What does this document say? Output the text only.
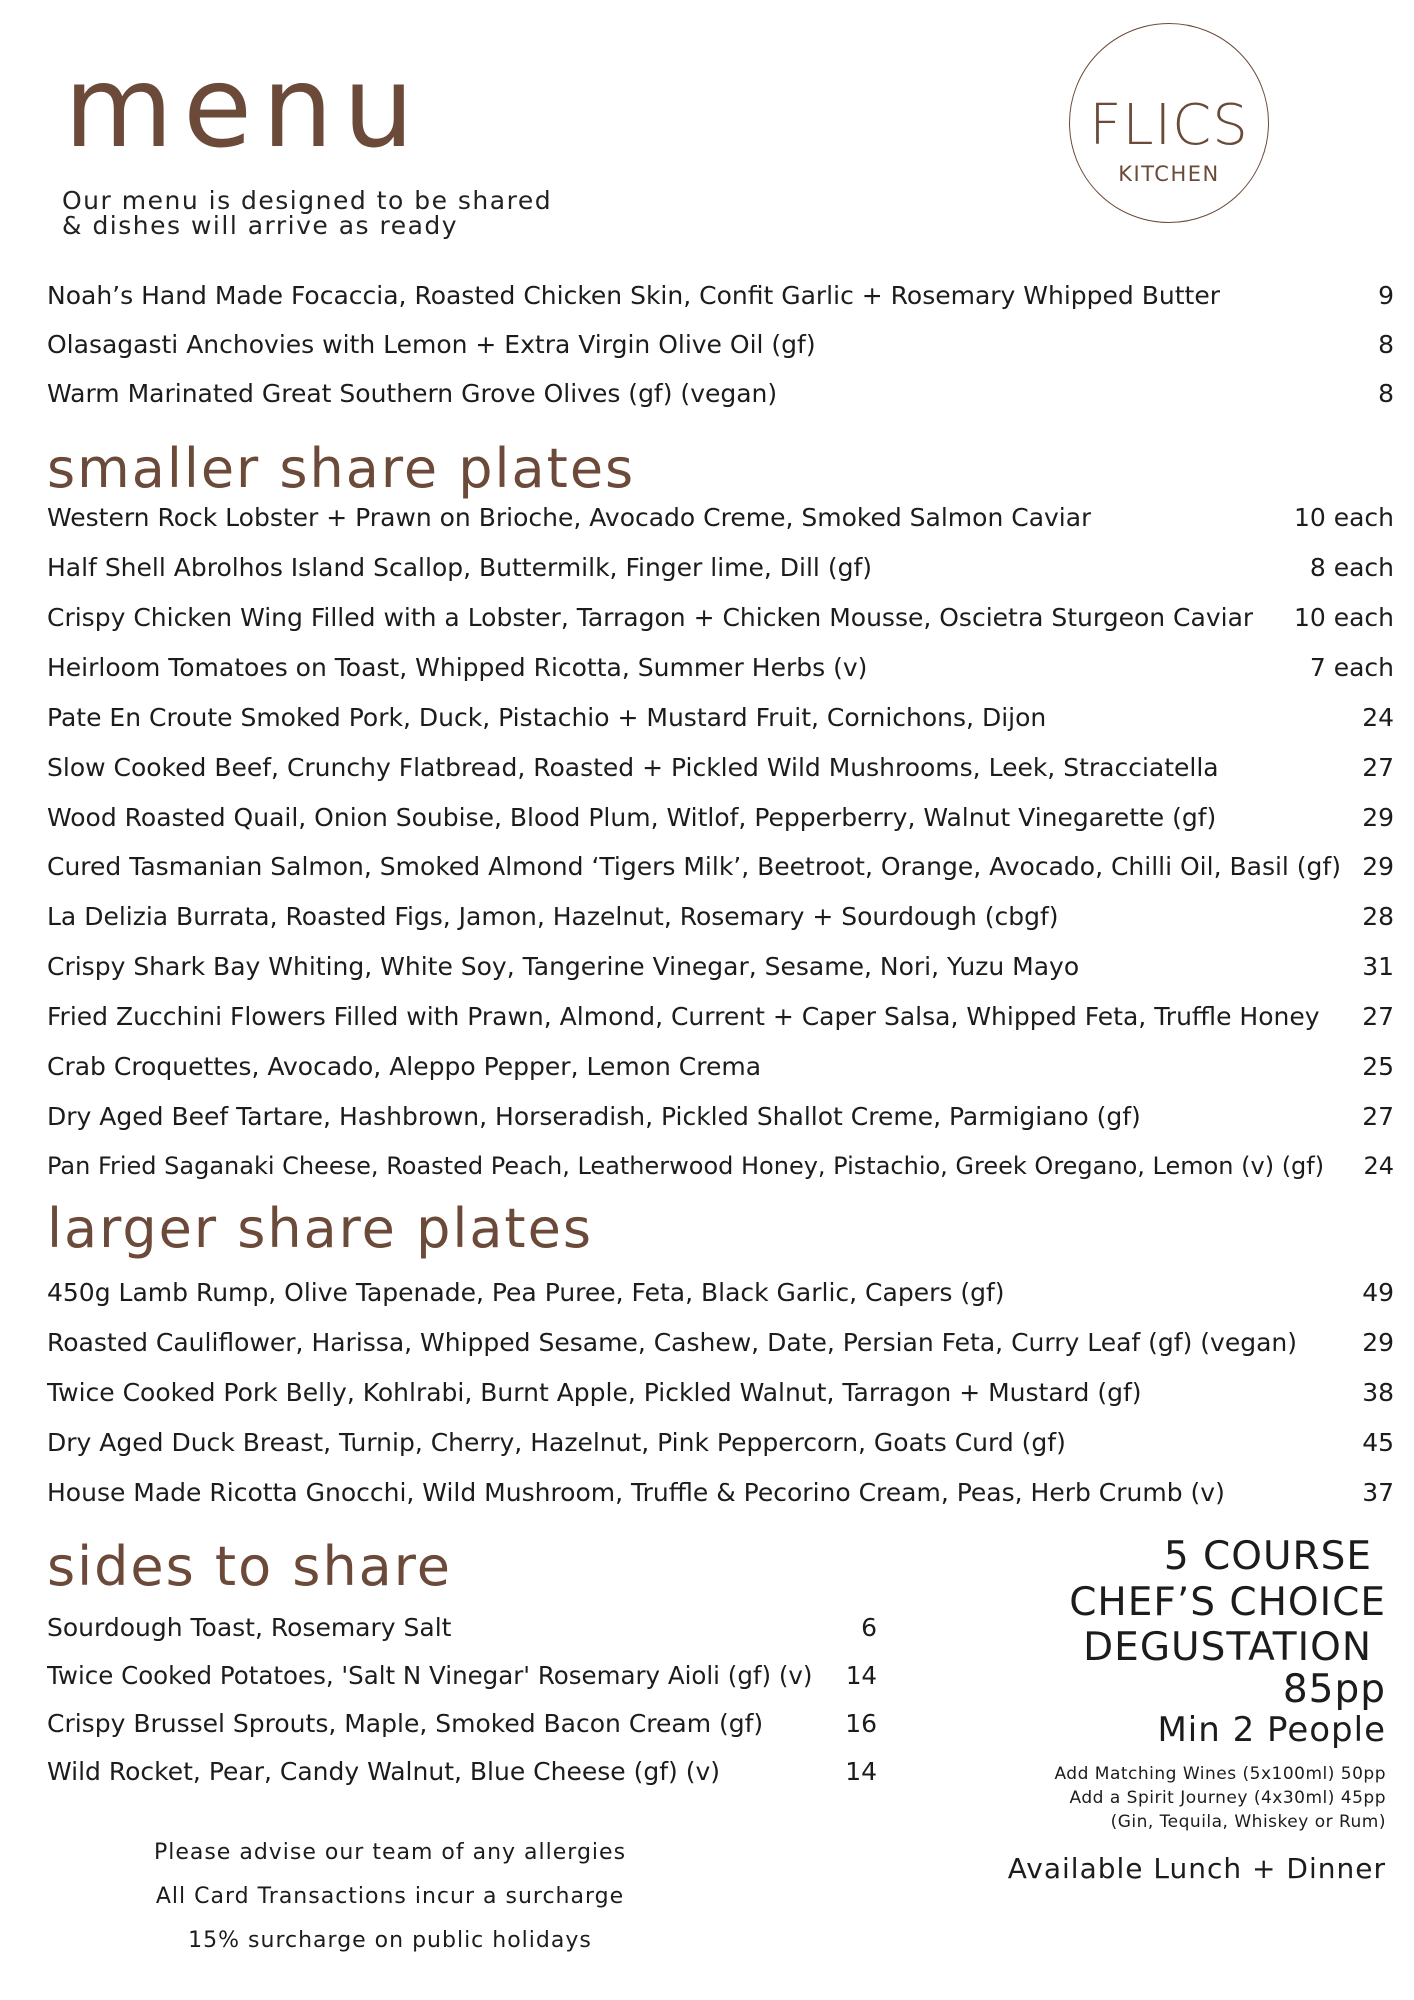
menu
Our menu is designed to be shared
& dishes will arrive as ready
FLICS
KITCHEN
Noah’s Hand Made Focaccia, Roasted Chicken Skin, Confit Garlic + Rosemary Whipped Butter	9
Olasagasti Anchovies with Lemon + Extra Virgin Olive Oil (gf)	8
Warm Marinated Great Southern Grove Olives (gf) (vegan)	8
smaller share plates
Western Rock Lobster + Prawn on Brioche, Avocado Creme, Smoked Salmon Caviar	10 each
Half Shell Abrolhos Island Scallop, Buttermilk, Finger lime, Dill (gf)	8 each
Crispy Chicken Wing Filled with a Lobster, Tarragon + Chicken Mousse, Oscietra Sturgeon Caviar 10 each
Heirloom Tomatoes on Toast, Whipped Ricotta, Summer Herbs (v)	7 each
Pate En Croute Smoked Pork, Duck, Pistachio + Mustard Fruit, Cornichons, Dijon	24
Slow Cooked Beef, Crunchy Flatbread, Roasted + Pickled Wild Mushrooms, Leek, Stracciatella	27
Wood Roasted Quail, Onion Soubise, Blood Plum, Witlof, Pepperberry, Walnut Vinegarette (gf)	29
Cured Tasmanian Salmon, Smoked Almond ‘Tigers Milk’, Beetroot, Orange, Avocado, Chilli Oil, Basil (gf) 29
La Delizia Burrata, Roasted Figs, Jamon, Hazelnut, Rosemary + Sourdough (cbgf)	28
Crispy Shark Bay Whiting, White Soy, Tangerine Vinegar, Sesame, Nori, Yuzu Mayo	31
Fried Zucchini Flowers Filled with Prawn, Almond, Current + Caper Salsa, Whipped Feta, Truffle Honey 27
Crab Croquettes, Avocado, Aleppo Pepper, Lemon Crema	25
Dry Aged Beef Tartare, Hashbrown, Horseradish, Pickled Shallot Creme, Parmigiano (gf)	27
Pan Fried Saganaki Cheese, Roasted Peach, Leatherwood Honey, Pistachio, Greek Oregano, Lemon (v) (gf) 24
larger share plates
450g Lamb Rump, Olive Tapenade, Pea Puree, Feta, Black Garlic, Capers (gf)	49
Roasted Cauliflower, Harissa, Whipped Sesame, Cashew, Date, Persian Feta, Curry Leaf (gf) (vegan)	29
Twice Cooked Pork Belly, Kohlrabi, Burnt Apple, Pickled Walnut, Tarragon + Mustard (gf)	38
Dry Aged Duck Breast, Turnip, Cherry, Hazelnut, Pink Peppercorn, Goats Curd (gf)	45
House Made Ricotta Gnocchi, Wild Mushroom, Truffle & Pecorino Cream, Peas, Herb Crumb (v)	37
sides to share
Sourdough Toast, Rosemary Salt	6
Twice Cooked Potatoes, 'Salt N Vinegar' Rosemary Aioli (gf) (v) 14
Crispy Brussel Sprouts, Maple, Smoked Bacon Cream (gf)	16
Wild Rocket, Pear, Candy Walnut, Blue Cheese (gf) (v)	14
5 COURSE
CHEF’S CHOICE
DEGUSTATION
85pp
Min 2 People
Add Matching Wines (5x100ml) 50pp
Add a Spirit Journey (4x30ml) 45pp
(Gin, Tequila, Whiskey or Rum)
Available Lunch + Dinner
Please advise our team of any allergies
All Card Transactions incur a surcharge
15% surcharge on public holidays
